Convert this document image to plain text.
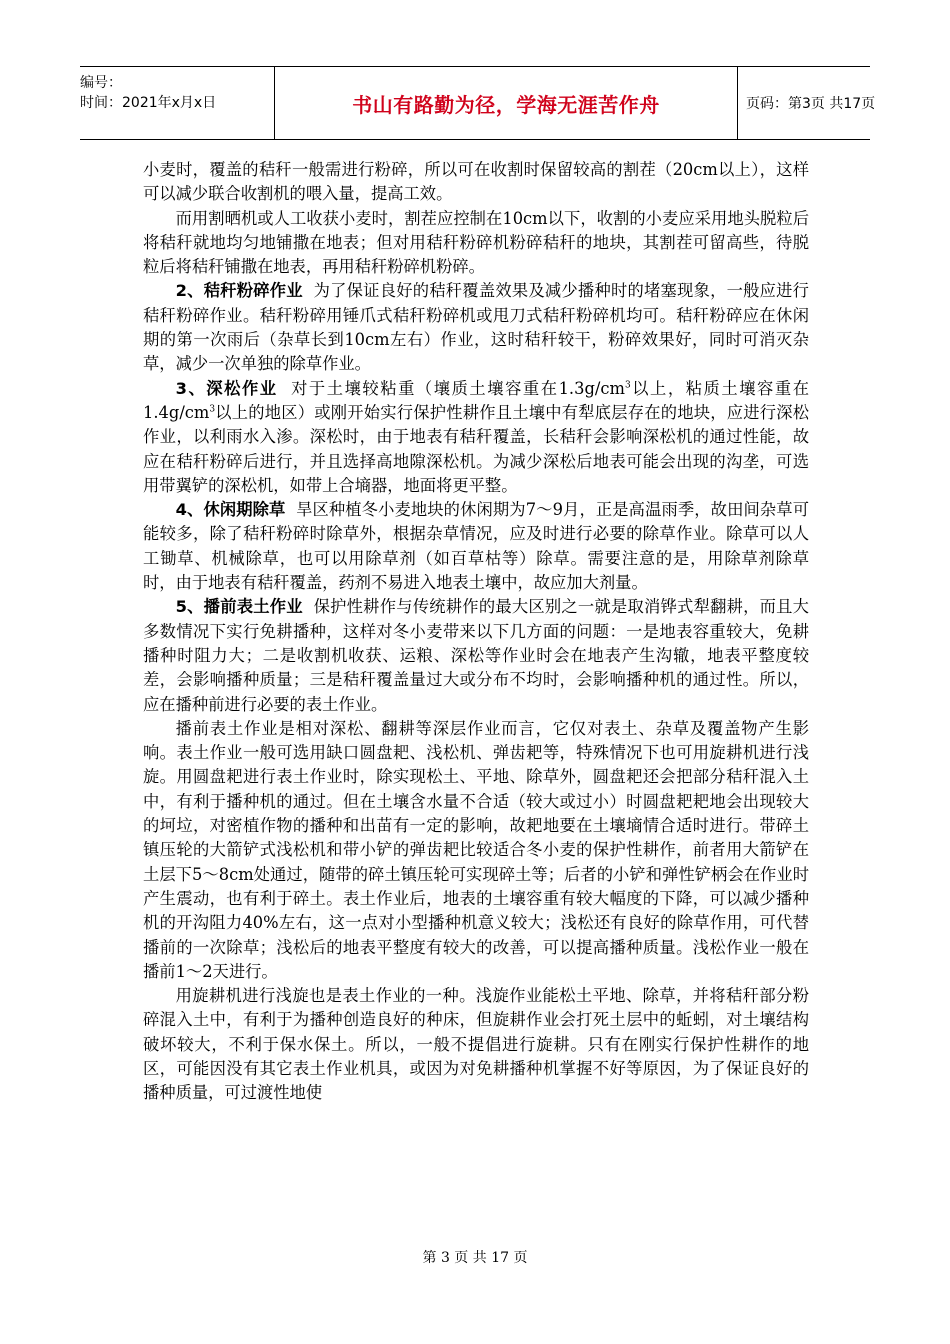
编号：
时间：2021年x月x日	书山有路勤为径，学海无涯苦作舟	页码：第3页 共17页

小麦时，覆盖的秸秆一般需进行粉碎，所以可在收割时保留较高的割茬（20cm以上），这样可以减少联合收割机的喂入量，提高工效。

而用割晒机或人工收获小麦时，割茬应控制在10cm以下，收割的小麦应采用地头脱粒后将秸秆就地均匀地铺撒在地表；但对用秸秆粉碎机粉碎秸秆的地块，其割茬可留高些，待脱粒后将秸秆铺撒在地表，再用秸秆粉碎机粉碎。

2、秸秆粉碎作业 为了保证良好的秸秆覆盖效果及减少播种时的堵塞现象，一般应进行秸秆粉碎作业。秸秆粉碎用锤爪式秸秆粉碎机或甩刀式秸秆粉碎机均可。秸秆粉碎应在休闲期的第一次雨后（杂草长到10cm左右）作业，这时秸秆较干，粉碎效果好，同时可消灭杂草，减少一次单独的除草作业。

3、深松作业 对于土壤较粘重（壤质土壤容重在$1.3g/cm^3$以上，粘质土壤容重在$1.4g/cm^3$以上的地区）或刚开始实行保护性耕作且土壤中有犁底层存在的地块，应进行深松作业，以利雨水入渗。深松时，由于地表有秸秆覆盖，长秸秆会影响深松机的通过性能，故应在秸秆粉碎后进行，并且选择高地隙深松机。为减少深松后地表可能会出现的沟垄，可选用带翼铲的深松机，如带上合墒器，地面将更平整。

4、休闲期除草 旱区种植冬小麦地块的休闲期为7～9月，正是高温雨季，故田间杂草可能较多，除了秸秆粉碎时除草外，根据杂草情况，应及时进行必要的除草作业。除草可以人工锄草、机械除草，也可以用除草剂（如百草枯等）除草。需要注意的是，用除草剂除草时，由于地表有秸秆覆盖，药剂不易进入地表土壤中，故应加大剂量。

5、播前表土作业 保护性耕作与传统耕作的最大区别之一就是取消铧式犁翻耕，而且大多数情况下实行免耕播种，这样对冬小麦带来以下几方面的问题：一是地表容重较大，免耕播种时阻力大；二是收割机收获、运粮、深松等作业时会在地表产生沟辙，地表平整度较差，会影响播种质量；三是秸秆覆盖量过大或分布不均时，会影响播种机的通过性。所以，应在播种前进行必要的表土作业。

播前表土作业是相对深松、翻耕等深层作业而言，它仅对表土、杂草及覆盖物产生影响。表土作业一般可选用缺口圆盘耙、浅松机、弹齿耙等，特殊情况下也可用旋耕机进行浅旋。用圆盘耙进行表土作业时，除实现松土、平地、除草外，圆盘耙还会把部分秸秆混入土中，有利于播种机的通过。但在土壤含水量不合适（较大或过小）时圆盘耙耙地会出现较大的坷垃，对密植作物的播种和出苗有一定的影响，故耙地要在土壤墒情合适时进行。带碎土镇压轮的大箭铲式浅松机和带小铲的弹齿耙比较适合冬小麦的保护性耕作，前者用大箭铲在土层下5～8cm处通过，随带的碎土镇压轮可实现碎土等；后者的小铲和弹性铲柄会在作业时产生震动，也有利于碎土。表土作业后，地表的土壤容重有较大幅度的下降，可以减少播种机的开沟阻力40%左右，这一点对小型播种机意义较大；浅松还有良好的除草作用，可代替播前的一次除草；浅松后的地表平整度有较大的改善，可以提高播种质量。浅松作业一般在播前1～2天进行。

用旋耕机进行浅旋也是表土作业的一种。浅旋作业能松土平地、除草，并将秸秆部分粉碎混入土中，有利于为播种创造良好的种床，但旋耕作业会打死土层中的蚯蚓，对土壤结构破坏较大，不利于保水保土。所以，一般不提倡进行旋耕。只有在刚实行保护性耕作的地区，可能因没有其它表土作业机具，或因为对免耕播种机掌握不好等原因，为了保证良好的播种质量，可过渡性地使

第 3 页 共 17 页
